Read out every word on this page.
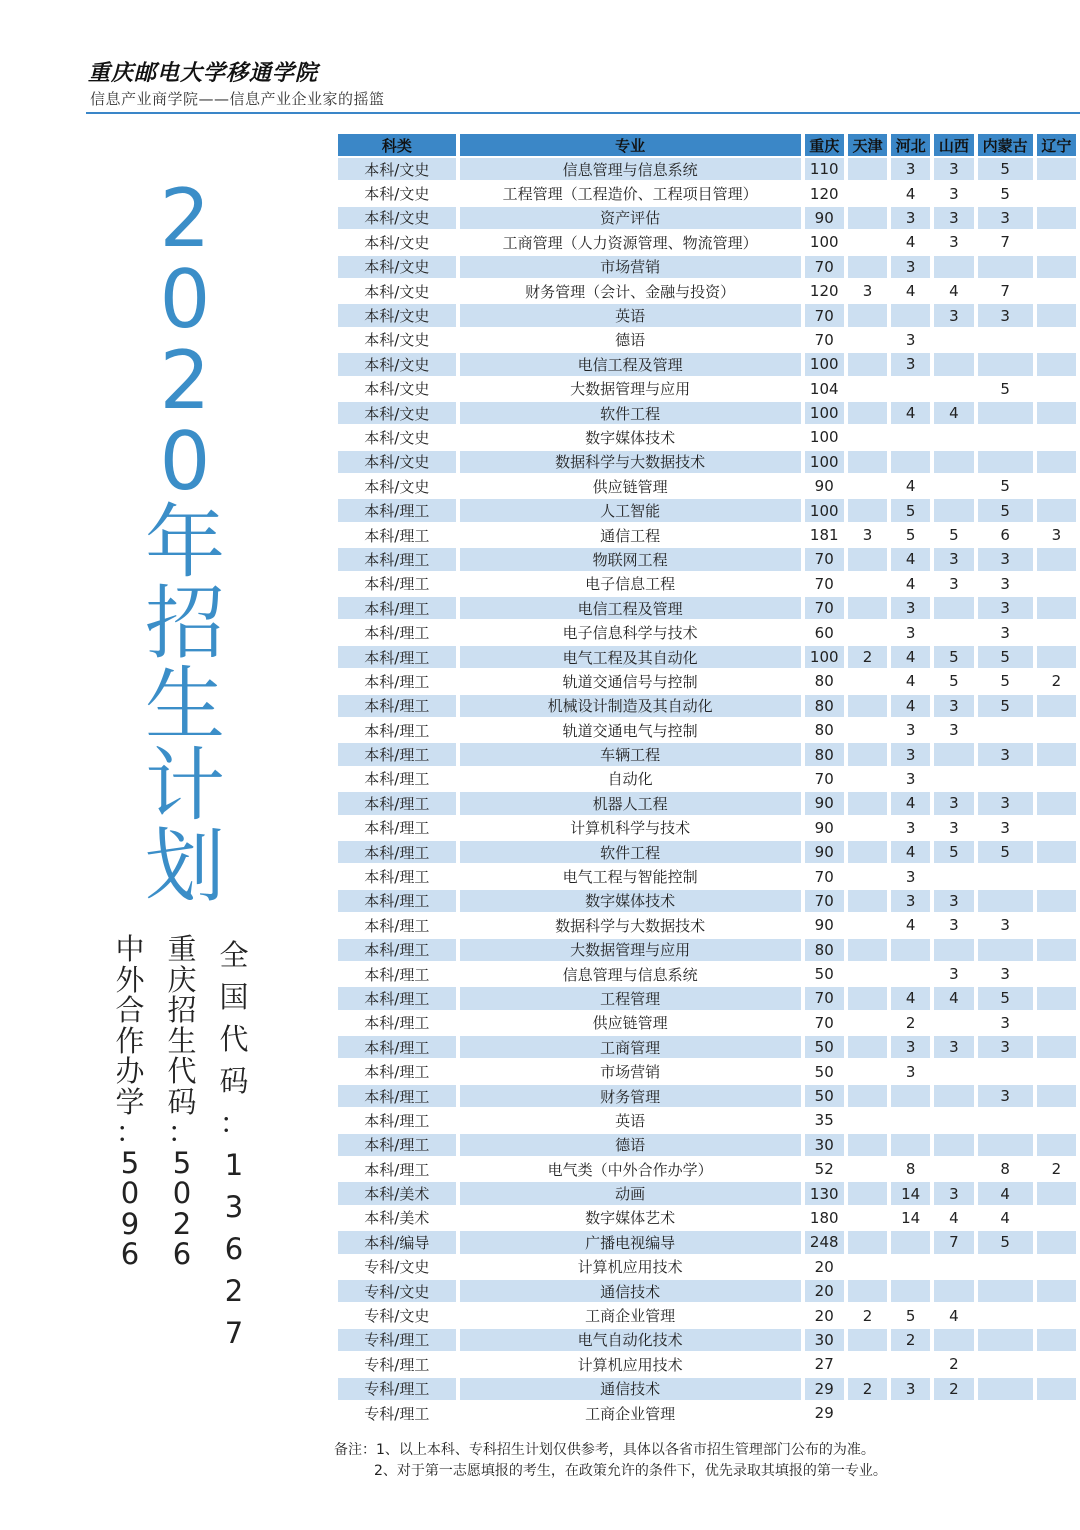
重庆邮电大学移通学院
信息产业商学院——信息产业企业家的摇篮
2
0
2
0
年
招
生
计
划
全
国
代
码
：
1
3
6
2
7
重
庆
招
生
代
码
：
5
0
2
6
中
外
合
作
办
学
：
5
0
9
6
科类	专业	重庆	天津	河北	山西	内蒙古	辽宁
本科/文史	信息管理与信息系统	110		3	3	5	
本科/文史	工程管理（工程造价、工程项目管理）	120		4	3	5	
本科/文史	资产评估	90		3	3	3	
本科/文史	工商管理（人力资源管理、物流管理）	100		4	3	7	
本科/文史	市场营销	70		3			
本科/文史	财务管理（会计、金融与投资）	120	3	4	4	7	
本科/文史	英语	70			3	3	
本科/文史	德语	70		3			
本科/文史	电信工程及管理	100		3			
本科/文史	大数据管理与应用	104				5	
本科/文史	软件工程	100		4	4		
本科/文史	数字媒体技术	100					
本科/文史	数据科学与大数据技术	100					
本科/文史	供应链管理	90		4		5	
本科/理工	人工智能	100		5		5	
本科/理工	通信工程	181	3	5	5	6	3
本科/理工	物联网工程	70		4	3	3	
本科/理工	电子信息工程	70		4	3	3	
本科/理工	电信工程及管理	70		3		3	
本科/理工	电子信息科学与技术	60		3		3	
本科/理工	电气工程及其自动化	100	2	4	5	5	
本科/理工	轨道交通信号与控制	80		4	5	5	2
本科/理工	机械设计制造及其自动化	80		4	3	5	
本科/理工	轨道交通电气与控制	80		3	3		
本科/理工	车辆工程	80		3		3	
本科/理工	自动化	70		3			
本科/理工	机器人工程	90		4	3	3	
本科/理工	计算机科学与技术	90		3	3	3	
本科/理工	软件工程	90		4	5	5	
本科/理工	电气工程与智能控制	70		3			
本科/理工	数字媒体技术	70		3	3		
本科/理工	数据科学与大数据技术	90		4	3	3	
本科/理工	大数据管理与应用	80					
本科/理工	信息管理与信息系统	50			3	3	
本科/理工	工程管理	70		4	4	5	
本科/理工	供应链管理	70		2		3	
本科/理工	工商管理	50		3	3	3	
本科/理工	市场营销	50		3			
本科/理工	财务管理	50				3	
本科/理工	英语	35					
本科/理工	德语	30					
本科/理工	电气类（中外合作办学）	52		8		8	2
本科/美术	动画	130		14	3	4	
本科/美术	数字媒体艺术	180		14	4	4	
本科/编导	广播电视编导	248			7	5	
专科/文史	计算机应用技术	20					
专科/文史	通信技术	20					
专科/文史	工商企业管理	20	2	5	4		
专科/理工	电气自动化技术	30		2			
专科/理工	计算机应用技术	27			2		
专科/理工	通信技术	29	2	3	2		
专科/理工	工商企业管理	29					
备注：1、以上本科、专科招生计划仅供参考，具体以各省市招生管理部门公布的为准。
2、对于第一志愿填报的考生，在政策允许的条件下，优先录取其填报的第一专业。
